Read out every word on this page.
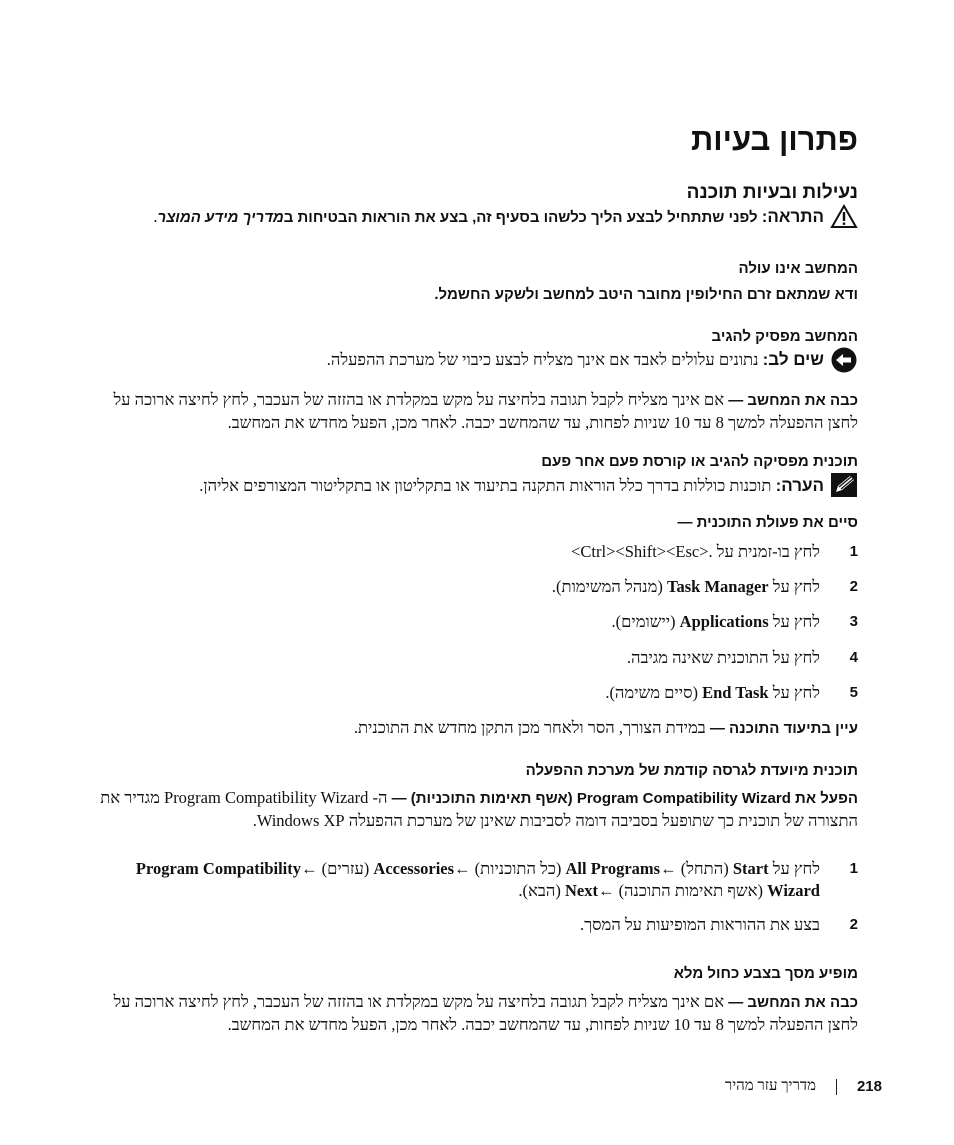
פתרון בעיות
נעילות ובעיות תוכנה
התראה: לפני שתתחיל לבצע הליך כלשהו בסעיף זה, בצע את הוראות הבטיחות במדריך מידע המוצר.
המחשב אינו עולה
ודא שמתאם זרם החילופין מחובר היטב למחשב ולשקע החשמל.
המחשב מפסיק להגיב
שים לב: נתונים עלולים לאבד אם אינך מצליח לבצע כיבוי של מערכת ההפעלה.
כבה את המחשב — אם אינך מצליח לקבל תגובה בלחיצה על מקש במקלדת או בהזזה של העכבר, לחץ לחיצה ארוכה על לחצן ההפעלה למשך 8 עד 10 שניות לפחות, עד שהמחשב יכבה. לאחר מכן, הפעל מחדש את המחשב.
תוכנית מפסיקה להגיב או קורסת פעם אחר פעם
הערה: תוכנות כוללות בדרך כלל הוראות התקנה בתיעוד או בתקליטון או בתקליטור המצורפים אליהן.
סיים את פעולת התוכנית —
1
לחץ בו-זמנית על <Ctrl><Shift><Esc>.
2
לחץ על Task Manager (מנהל המשימות).
3
לחץ על Applications (יישומים).
4
לחץ על התוכנית שאינה מגיבה.
5
לחץ על End Task (סיים משימה).
עיין בתיעוד התוכנה — במידת הצורך, הסר ולאחר מכן התקן מחדש את התוכנית.
תוכנית מיועדת לגרסה קודמת של מערכת ההפעלה
הפעל את Program Compatibility Wizard (אשף תאימות התוכניות) — ה- Program Compatibility Wizard מגדיר את התצורה של תוכנית כך שתופעל בסביבה דומה לסביבות שאינן של מערכת ההפעלה Windows XP.
1
לחץ על Start (התחל) ←All Programs (כל התוכניות) ←Accessories (עזרים) ←Program Compatibility Wizard (אשף תאימות התוכנה) ←Next (הבא).
2
בצע את ההוראות המופיעות על המסך.
מופיע מסך בצבע כחול מלא
כבה את המחשב — אם אינך מצליח לקבל תגובה בלחיצה על מקש במקלדת או בהזזה של העכבר, לחץ לחיצה ארוכה על לחצן ההפעלה למשך 8 עד 10 שניות לפחות, עד שהמחשב יכבה. לאחר מכן, הפעל מחדש את המחשב.
218
מדריך עזר מהיר
